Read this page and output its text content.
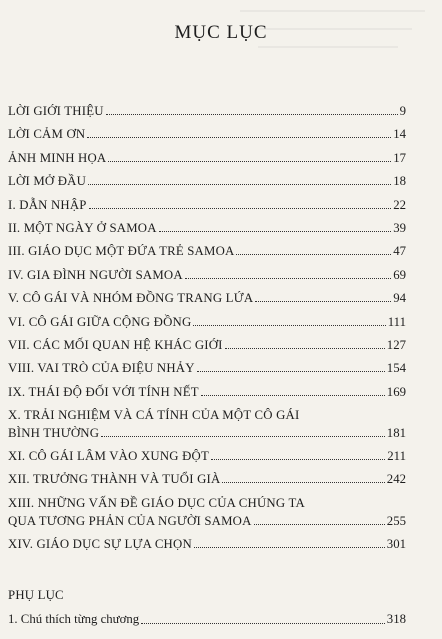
MỤC LỤC
LỜI GIỚI THIỆU	9
LỜI CẢM ƠN	14
ẢNH MINH HỌA	17
LỜI MỞ ĐẦU	18
I. DẪN NHẬP	22
II. MỘT NGÀY Ở SAMOA	39
III. GIÁO DỤC MỘT ĐỨA TRẺ SAMOA	47
IV. GIA ĐÌNH NGƯỜI SAMOA	69
V. CÔ GÁI VÀ NHÓM ĐỒNG TRANG LỨA	94
VI. CÔ GÁI GIỮA CỘNG ĐỒNG	111
VII. CÁC MỐI QUAN HỆ KHÁC GIỚI	127
VIII. VAI TRÒ CỦA ĐIỆU NHẢY	154
IX. THÁI ĐỘ ĐỐI VỚI TÍNH NẾT	169
X. TRẢI NGHIỆM VÀ CÁ TÍNH CỦA MỘT CÔ GÁI
BÌNH THƯỜNG	181
XI. CÔ GÁI LÂM VÀO XUNG ĐỘT	211
XII. TRƯỞNG THÀNH VÀ TUỔI GIÀ	242
XIII. NHỮNG VẤN ĐỀ GIÁO DỤC CỦA CHÚNG TA
QUA TƯƠNG PHẢN CỦA NGƯỜI SAMOA	255
XIV. GIÁO DỤC SỰ LỰA CHỌN	301
PHỤ LỤC
1. Chú thích từng chương	318
